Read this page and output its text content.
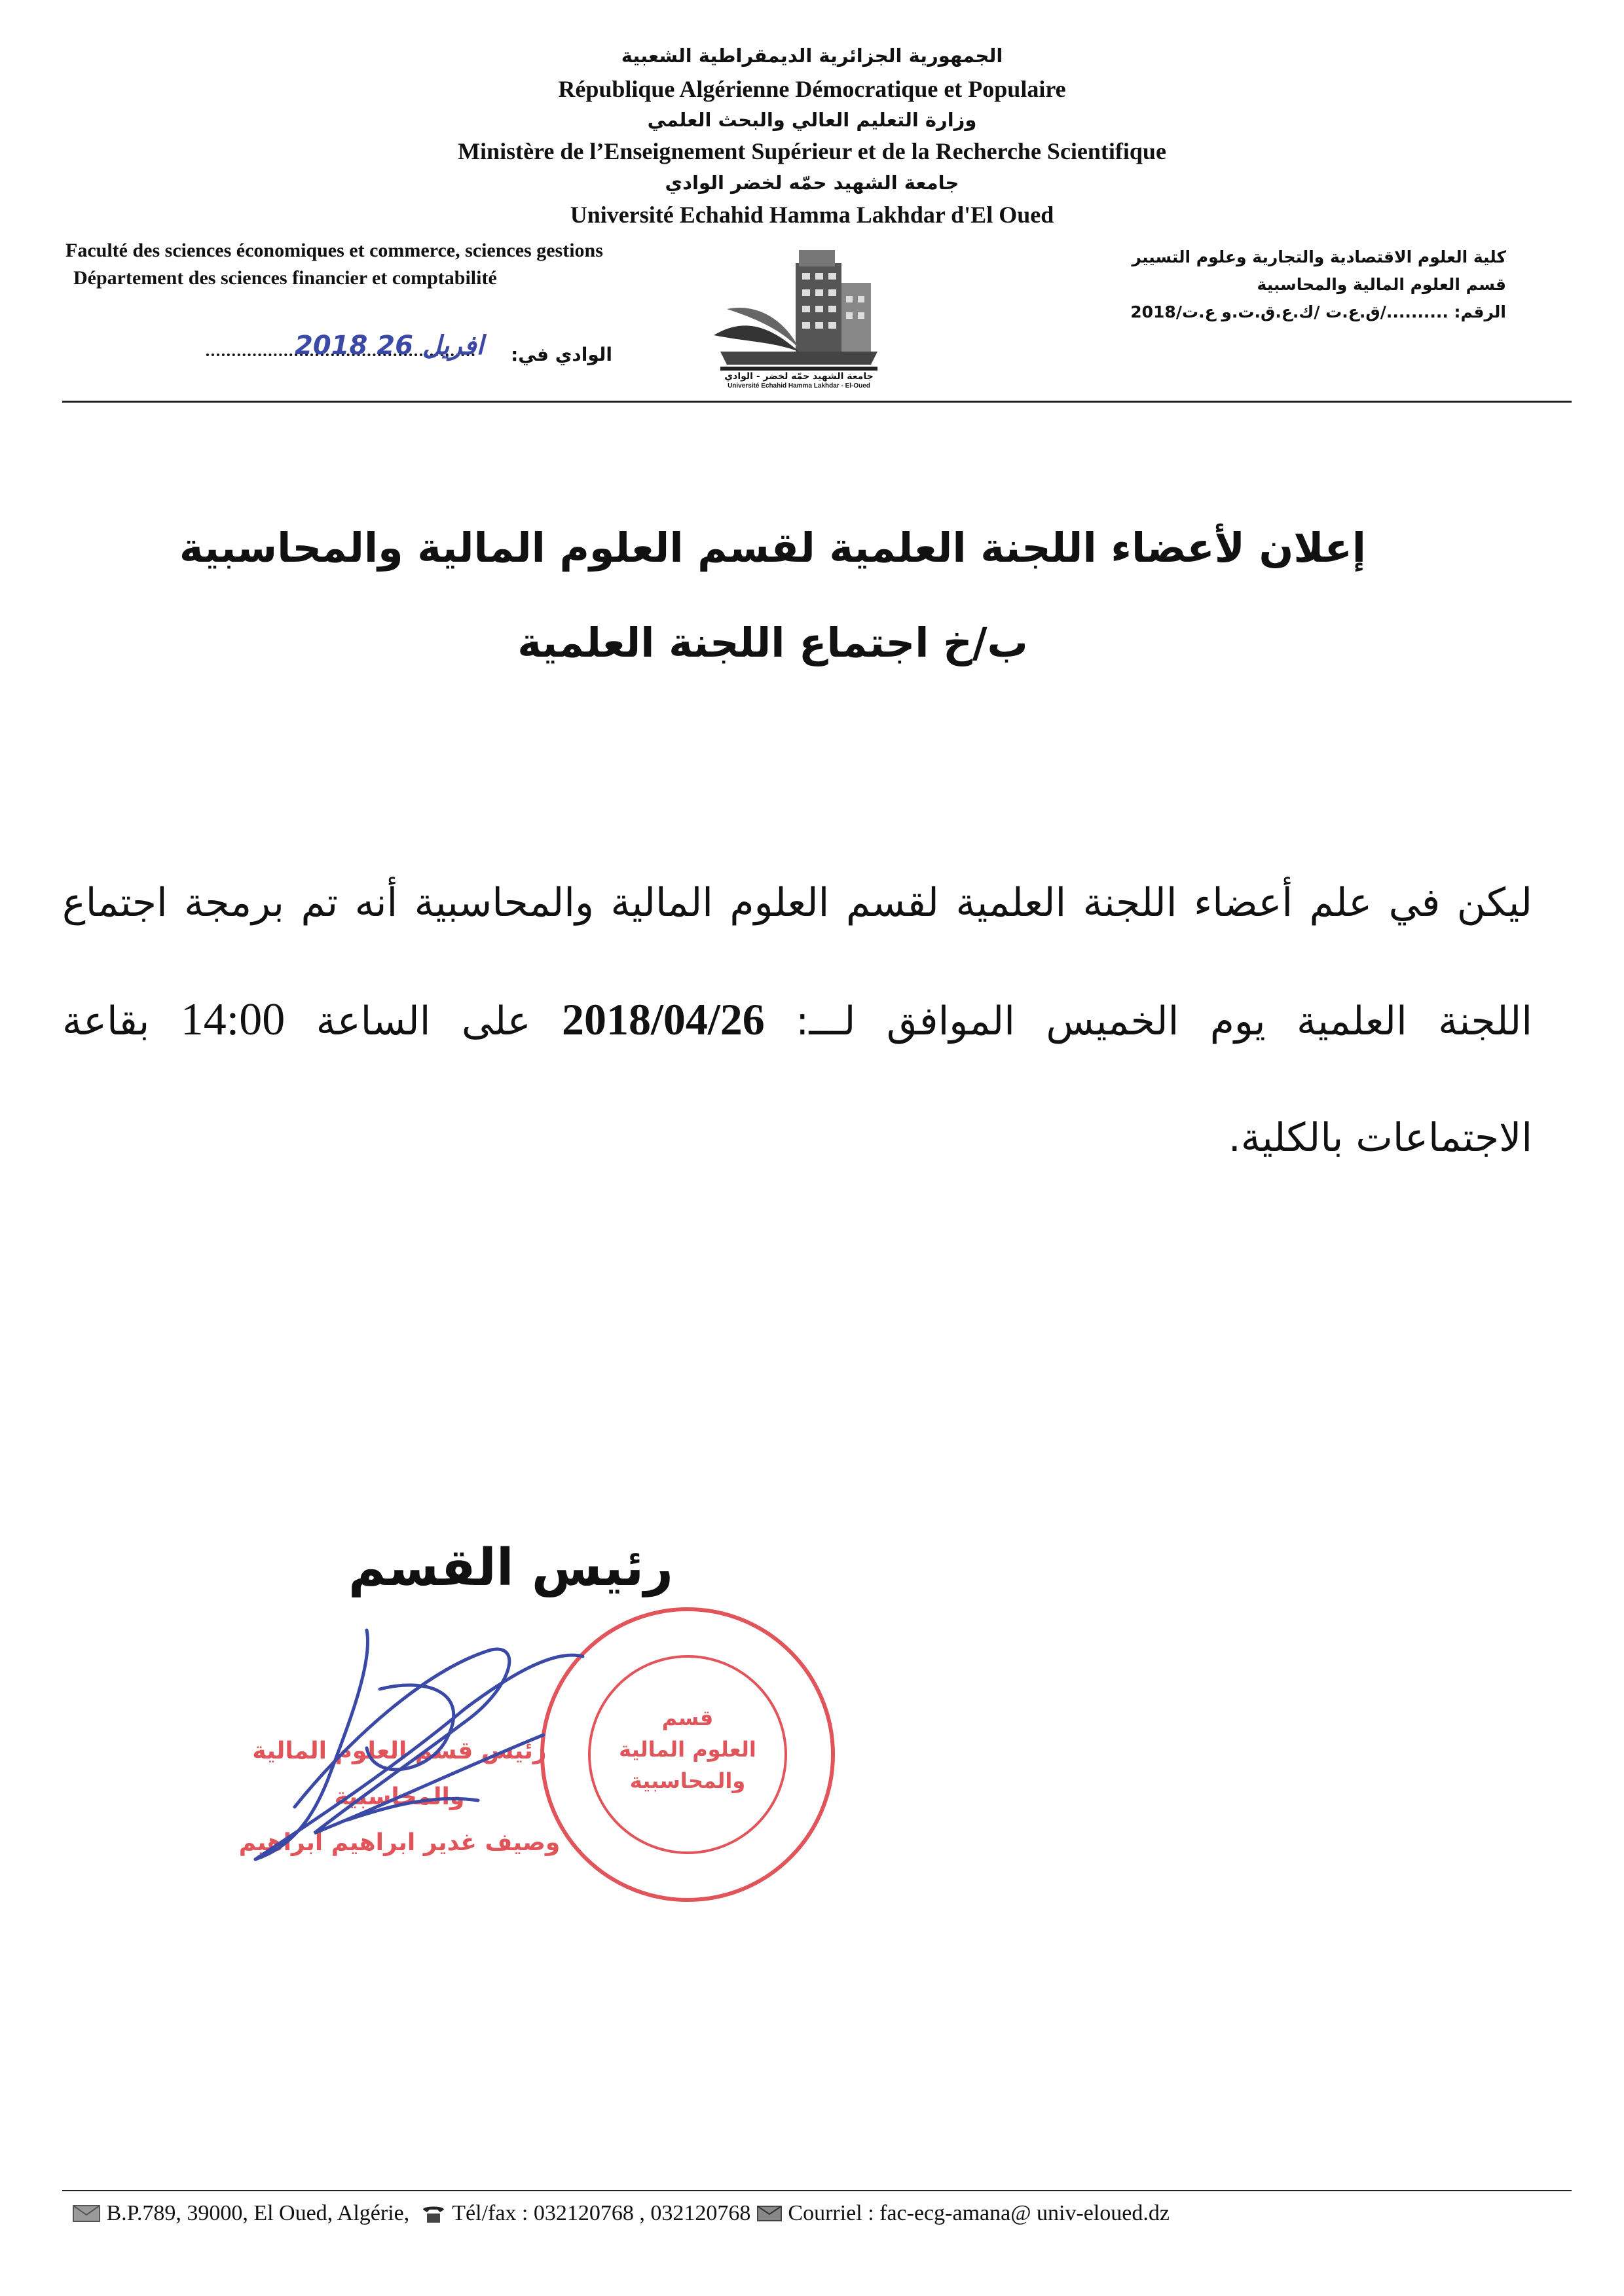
الجمهورية الجزائرية الديمقراطية الشعبية
République Algérienne Démocratique et Populaire
وزارة التعليم العالي والبحث العلمي
Ministère de l’Enseignement Supérieur et de la Recherche Scientifique
جامعة الشهيد حمّه لخضر الوادي
Université Echahid Hamma Lakhdar d'El Oued
Faculté des sciences économiques et commerce, sciences gestions
Département des sciences financier et comptabilité
الوادي في:
2018 افريل 26
كلية العلوم الاقتصادية والتجارية وعلوم التسيير
قسم العلوم المالية والمحاسبية
الرقم: ........../ق.ع.ت /ك.ع.ق.ت.و ع.ت/2018
جامعة الشهيد حمّه لخضر - الوادي
Université Echahid Hamma Lakhdar - El-Oued
إعلان لأعضاء اللجنة العلمية لقسم العلوم المالية والمحاسبية
ب/خ اجتماع اللجنة العلمية
ليكن في علم أعضاء اللجنة العلمية لقسم العلوم المالية والمحاسبية أنه تم برمجة اجتماع اللجنة العلمية يوم الخميس الموافق لـــ: 2018/04/26 على الساعة 14:00 بقاعة الاجتماعات بالكلية.
رئيس القسم
رئيس قسم العلوم المالية والمحاسبية
وصيف غدير ابراهيم ابراهيم
قسم
العلوم المالية
والمحاسبية
B.P.789, 39000, El Oued, Algérie, Tél/fax : 032120768 , 032120768 Courriel : fac-ecg-amana@ univ-eloued.dz
